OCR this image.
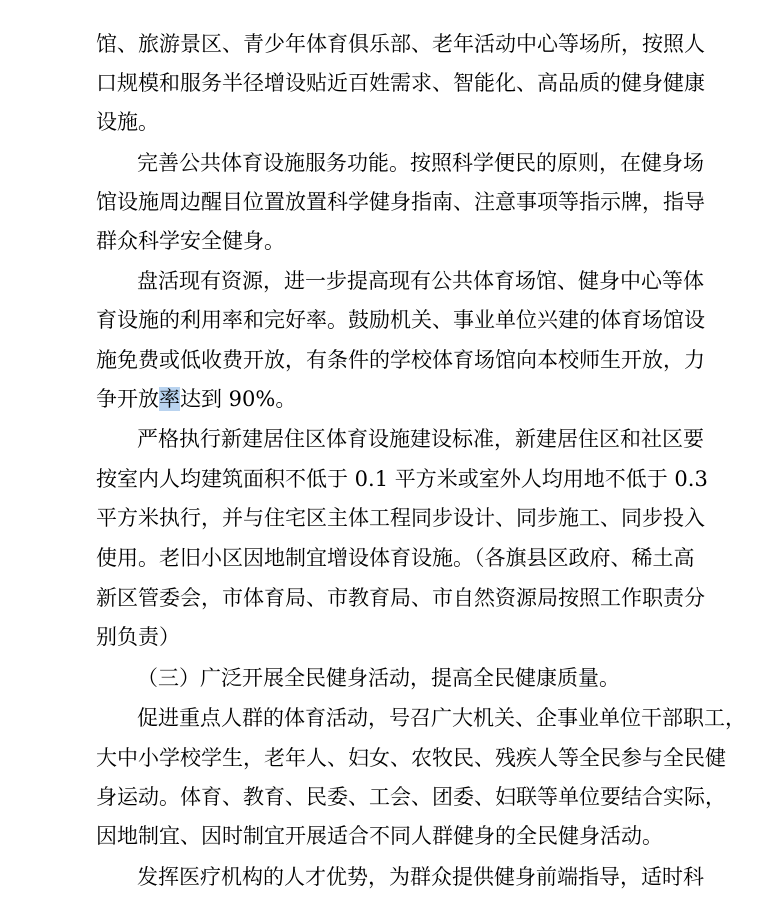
馆、旅游景区、青少年体育俱乐部、老年活动中心等场所，按照人
口规模和服务半径增设贴近百姓需求、智能化、高品质的健身健康
设施。
完善公共体育设施服务功能。按照科学便民的原则，在健身场
馆设施周边醒目位置放置科学健身指南、注意事项等指示牌，指导
群众科学安全健身。
盘活现有资源，进一步提高现有公共体育场馆、健身中心等体
育设施的利用率和完好率。鼓励机关、事业单位兴建的体育场馆设
施免费或低收费开放，有条件的学校体育场馆向本校师生开放，力
争开放率达到 90%。
严格执行新建居住区体育设施建设标准，新建居住区和社区要
按室内人均建筑面积不低于 0.1 平方米或室外人均用地不低于 0.3
平方米执行，并与住宅区主体工程同步设计、同步施工、同步投入
使用。老旧小区因地制宜增设体育设施。（各旗县区政府、稀土高
新区管委会，市体育局、市教育局、市自然资源局按照工作职责分
别负责）
（三）广泛开展全民健身活动，提高全民健康质量。
促进重点人群的体育活动，号召广大机关、企事业单位干部职工，
大中小学校学生，老年人、妇女、农牧民、残疾人等全民参与全民健
身运动。体育、教育、民委、工会、团委、妇联等单位要结合实际，
因地制宜、因时制宜开展适合不同人群健身的全民健身活动。
发挥医疗机构的人才优势，为群众提供健身前端指导，适时科
